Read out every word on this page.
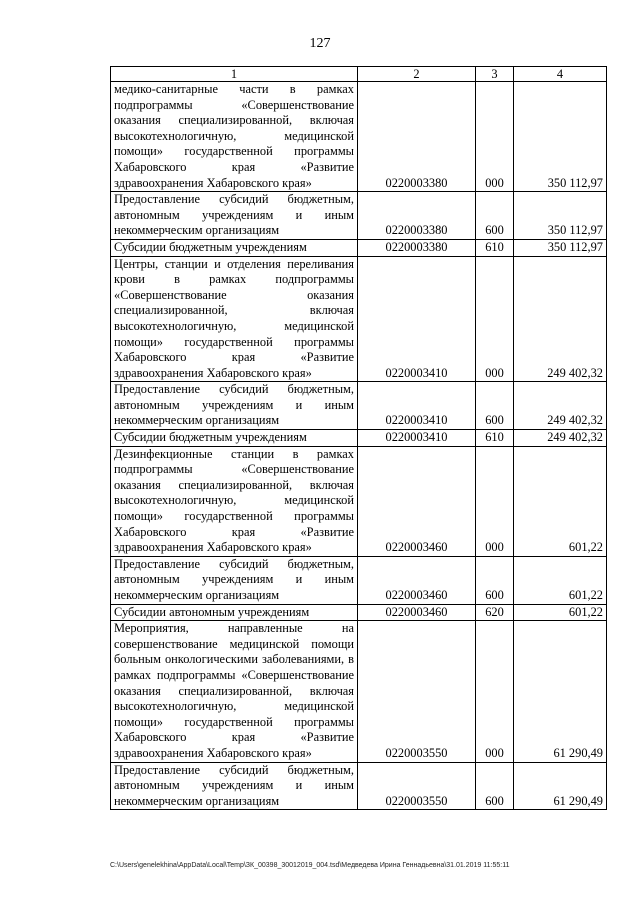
127
1	2	3	4
медико-санитарные части в рамках подпрограммы «Совершенствование оказания специализированной, включая высокотехнологичную, медицинской помощи» государственной программы Хабаровского края «Развитие здравоохранения Хабаровского края»	0220003380	000	350 112,97
Предоставление субсидий бюджетным, автономным учреждениям и иным некоммерческим организациям	0220003380	600	350 112,97
Субсидии бюджетным учреждениям	0220003380	610	350 112,97
Центры, станции и отделения переливания крови в рамках подпрограммы «Совершенствование оказания специализированной, включая высокотехнологичную, медицинской помощи» государственной программы Хабаровского края «Развитие здравоохранения Хабаровского края»	0220003410	000	249 402,32
Предоставление субсидий бюджетным, автономным учреждениям и иным некоммерческим организациям	0220003410	600	249 402,32
Субсидии бюджетным учреждениям	0220003410	610	249 402,32
Дезинфекционные станции в рамках подпрограммы «Совершенствование оказания специализированной, включая высокотехнологичную, медицинской помощи» государственной программы Хабаровского края «Развитие здравоохранения Хабаровского края»	0220003460	000	601,22
Предоставление субсидий бюджетным, автономным учреждениям и иным некоммерческим организациям	0220003460	600	601,22
Субсидии автономным учреждениям	0220003460	620	601,22
Мероприятия, направленные на совершенствование медицинской помощи больным онкологическими заболеваниями, в рамках подпрограммы «Совершенствование оказания специализированной, включая высокотехнологичную, медицинской помощи» государственной программы Хабаровского края «Развитие здравоохранения Хабаровского края»	0220003550	000	61 290,49
Предоставление субсидий бюджетным, автономным учреждениям и иным некоммерческим организациям	0220003550	600	61 290,49
C:\Users\genelekhina\AppData\Local\Temp\ЗК_00398_30012019_004.tsd\Медведева Ирина Геннадьевна\31.01.2019 11:55:11
